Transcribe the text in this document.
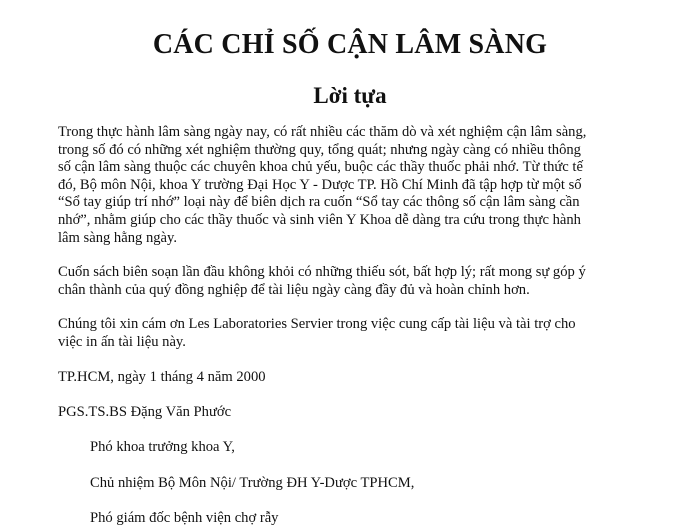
CÁC CHỈ SỐ CẬN LÂM SÀNG
Lời tựa
Trong thực hành lâm sàng ngày nay, có rất nhiều các thăm dò và xét nghiệm cận lâm sàng,
trong số đó có những xét nghiệm thường quy, tổng quát; nhưng ngày càng có nhiều thông
số cận lâm sàng thuộc các chuyên khoa chủ yếu, buộc các thầy thuốc phải nhớ. Từ thức tế
đó, Bộ môn Nội, khoa Y trường Đại Học Y - Dược TP. Hồ Chí Minh đã tập hợp từ một số
“Sổ tay giúp trí nhớ” loại này để biên dịch ra cuốn “Sổ tay các thông số cận lâm sàng cần
nhớ”, nhằm giúp cho các thầy thuốc và sinh viên Y Khoa dễ dàng tra cứu trong thực hành
lâm sàng hằng ngày.
Cuốn sách biên soạn lần đầu không khỏi có những thiếu sót, bất hợp lý; rất mong sự góp ý
chân thành của quý đồng nghiệp để tài liệu ngày càng đầy đủ và hoàn chỉnh hơn.
Chúng tôi xin cám ơn Les Laboratories Servier trong việc cung cấp tài liệu và tài trợ cho
việc in ấn tài liệu này.

TP.HCM, ngày 1 tháng 4 năm 2000

PGS.TS.BS Đặng Văn Phước

Phó khoa trưởng khoa Y,

Chủ nhiệm Bộ Môn Nội/ Trường ĐH Y-Dược TPHCM,

Phó giám đốc bệnh viện chợ rẫy
